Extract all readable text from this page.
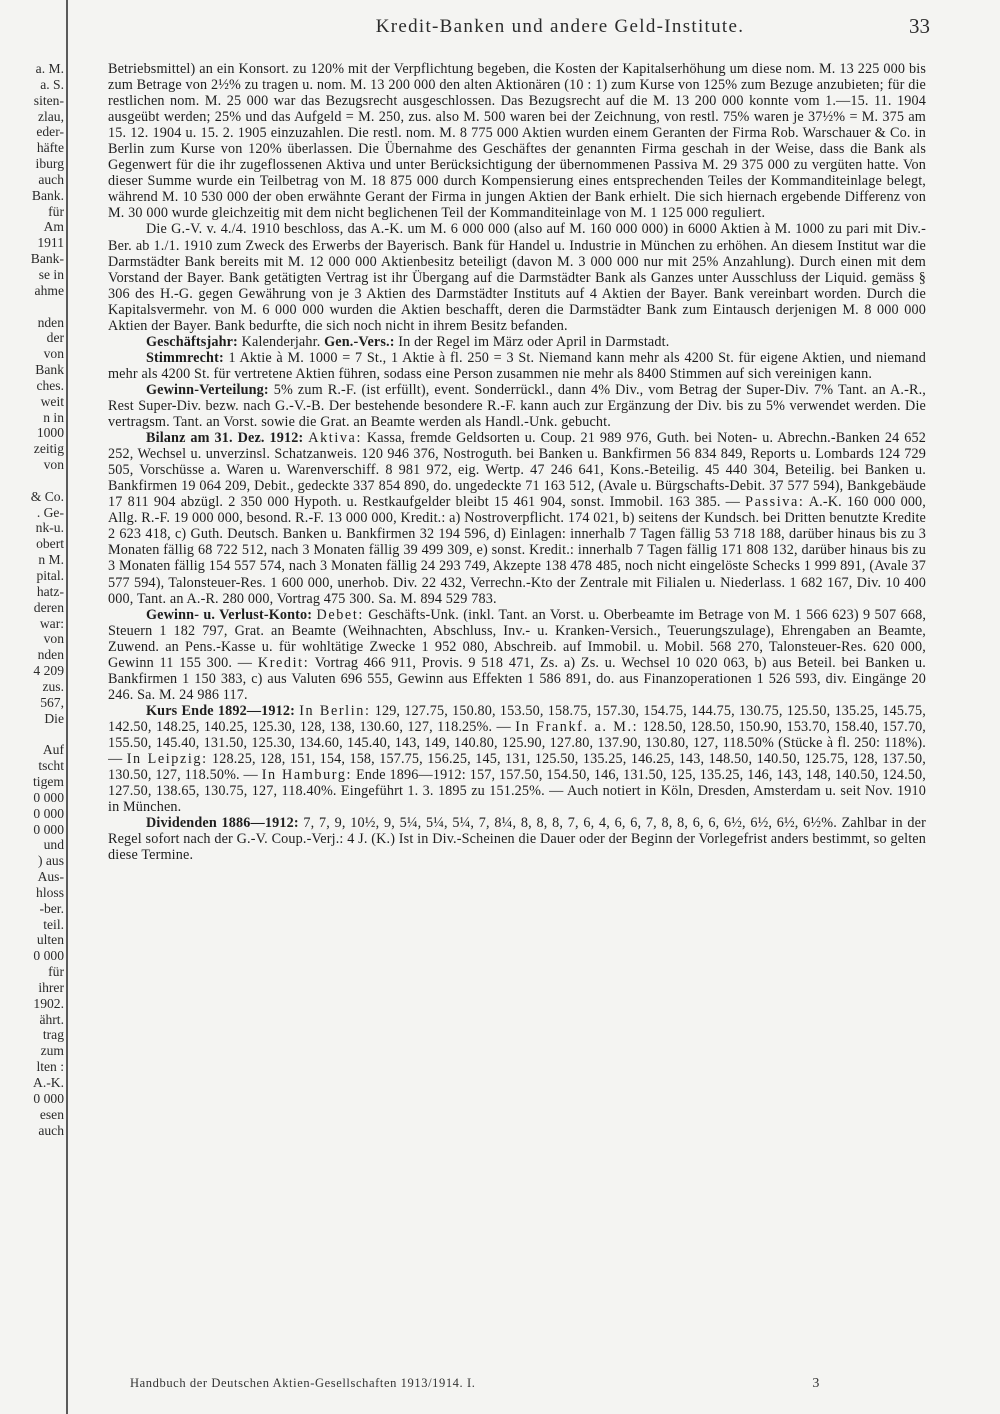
a. M.
a. S.
siten-
zlau,
eder-
häfte
iburg
auch
Bank.
für
Am
1911
Bank-
se in
ahme
nden
der
von
Bank
ches.
weit
n in
1000
zeitig
von
& Co.
. Ge-
nk-u.
obert
n M.
pital.
hatz-
deren
war:
von
nden
4 209
zus.
567,
Die
Auf
tscht
tigem
0 000
0 000
0 000
und
) aus
Aus-
hloss
-ber.
teil.
ulten
0 000
für
ihrer
1902.
ährt.
trag
zum
lten :
A.-K.
0 000
esen
auch
Kredit-Banken und andere Geld-Institute.	33

Betriebsmittel) an ein Konsort. zu 120% mit der Verpflichtung begeben, die Kosten der Kapitalserhöhung um diese nom. M. 13 225 000 bis zum Betrage von 2½% zu tragen u. nom. M. 13 200 000 den alten Aktionären (10 : 1) zum Kurse von 125% zum Bezuge anzubieten; für die restlichen nom. M. 25 000 war das Bezugsrecht ausgeschlossen. Das Bezugsrecht auf die M. 13 200 000 konnte vom 1.—15. 11. 1904 ausgeübt werden; 25% und das Aufgeld = M. 250, zus. also M. 500 waren bei der Zeichnung, von restl. 75% waren je 37½% = M. 375 am 15. 12. 1904 u. 15. 2. 1905 einzuzahlen. Die restl. nom. M. 8 775 000 Aktien wurden einem Geranten der Firma Rob. Warschauer & Co. in Berlin zum Kurse von 120% überlassen. Die Übernahme des Geschäftes der genannten Firma geschah in der Weise, dass die Bank als Gegenwert für die ihr zugeflossenen Aktiva und unter Berücksichtigung der übernommenen Passiva M. 29 375 000 zu vergüten hatte. Von dieser Summe wurde ein Teilbetrag von M. 18 875 000 durch Kompensierung eines entsprechenden Teiles der Kommanditeinlage belegt, während M. 10 530 000 der oben erwähnte Gerant der Firma in jungen Aktien der Bank erhielt. Die sich hiernach ergebende Differenz von M. 30 000 wurde gleichzeitig mit dem nicht beglichenen Teil der Kommanditeinlage von M. 1 125 000 reguliert.

Die G.-V. v. 4./4. 1910 beschloss, das A.-K. um M. 6 000 000 (also auf M. 160 000 000) in 6000 Aktien à M. 1000 zu pari mit Div.-Ber. ab 1./1. 1910 zum Zweck des Erwerbs der Bayerisch. Bank für Handel u. Industrie in München zu erhöhen. An diesem Institut war die Darmstädter Bank bereits mit M. 12 000 000 Aktienbesitz beteiligt (davon M. 3 000 000 nur mit 25% Anzahlung). Durch einen mit dem Vorstand der Bayer. Bank getätigten Vertrag ist ihr Übergang auf die Darmstädter Bank als Ganzes unter Ausschluss der Liquid. gemäss § 306 des H.-G. gegen Gewährung von je 3 Aktien des Darmstädter Instituts auf 4 Aktien der Bayer. Bank vereinbart worden. Durch die Kapitalsvermehr. von M. 6 000 000 wurden die Aktien beschafft, deren die Darmstädter Bank zum Eintausch derjenigen M. 8 000 000 Aktien der Bayer. Bank bedurfte, die sich noch nicht in ihrem Besitz befanden.

Geschäftsjahr: Kalenderjahr. Gen.-Vers.: In der Regel im März oder April in Darmstadt.

Stimmrecht: 1 Aktie à M. 1000 = 7 St., 1 Aktie à fl. 250 = 3 St. Niemand kann mehr als 4200 St. für eigene Aktien, und niemand mehr als 4200 St. für vertretene Aktien führen, sodass eine Person zusammen nie mehr als 8400 Stimmen auf sich vereinigen kann.

Gewinn-Verteilung: 5% zum R.-F. (ist erfüllt), event. Sonderrückl., dann 4% Div., vom Betrag der Super-Div. 7% Tant. an A.-R., Rest Super-Div. bezw. nach G.-V.-B. Der bestehende besondere R.-F. kann auch zur Ergänzung der Div. bis zu 5% verwendet werden. Die vertragsm. Tant. an Vorst. sowie die Grat. an Beamte werden als Handl.-Unk. gebucht.

Bilanz am 31. Dez. 1912: Aktiva: Kassa, fremde Geldsorten u. Coup. 21 989 976, Guth. bei Noten- u. Abrechn.-Banken 24 652 252, Wechsel u. unverzinsl. Schatzanweis. 120 946 376, Nostroguth. bei Banken u. Bankfirmen 56 834 849, Reports u. Lombards 124 729 505, Vorschüsse a. Waren u. Warenverschiff. 8 981 972, eig. Wertp. 47 246 641, Kons.-Beteilig. 45 440 304, Beteilig. bei Banken u. Bankfirmen 19 064 209, Debit., gedeckte 337 854 890, do. ungedeckte 71 163 512, (Avale u. Bürgschafts-Debit. 37 577 594), Bankgebäude 17 811 904 abzügl. 2 350 000 Hypoth. u. Restkaufgelder bleibt 15 461 904, sonst. Immobil. 163 385. — Passiva: A.-K. 160 000 000, Allg. R.-F. 19 000 000, besond. R.-F. 13 000 000, Kredit.: a) Nostroverpflicht. 174 021, b) seitens der Kundsch. bei Dritten benutzte Kredite 2 623 418, c) Guth. Deutsch. Banken u. Bankfirmen 32 194 596, d) Einlagen: innerhalb 7 Tagen fällig 53 718 188, darüber hinaus bis zu 3 Monaten fällig 68 722 512, nach 3 Monaten fällig 39 499 309, e) sonst. Kredit.: innerhalb 7 Tagen fällig 171 808 132, darüber hinaus bis zu 3 Monaten fällig 154 557 574, nach 3 Monaten fällig 24 293 749, Akzepte 138 478 485, noch nicht eingelöste Schecks 1 999 891, (Avale 37 577 594), Talonsteuer-Res. 1 600 000, unerhob. Div. 22 432, Verrechn.-Kto der Zentrale mit Filialen u. Niederlass. 1 682 167, Div. 10 400 000, Tant. an A.-R. 280 000, Vortrag 475 300. Sa. M. 894 529 783.

Gewinn- u. Verlust-Konto: Debet: Geschäfts-Unk. (inkl. Tant. an Vorst. u. Oberbeamte im Betrage von M. 1 566 623) 9 507 668, Steuern 1 182 797, Grat. an Beamte (Weihnachten, Abschluss, Inv.- u. Kranken-Versich., Teuerungszulage), Ehrengaben an Beamte, Zuwend. an Pens.-Kasse u. für wohltätige Zwecke 1 952 080, Abschreib. auf Immobil. u. Mobil. 568 270, Talonsteuer-Res. 620 000, Gewinn 11 155 300. — Kredit: Vortrag 466 911, Provis. 9 518 471, Zs. a) Zs. u. Wechsel 10 020 063, b) aus Beteil. bei Banken u. Bankfirmen 1 150 383, c) aus Valuten 696 555, Gewinn aus Effekten 1 586 891, do. aus Finanzoperationen 1 526 593, div. Eingänge 20 246. Sa. M. 24 986 117.

Kurs Ende 1892—1912: In Berlin: 129, 127.75, 150.80, 153.50, 158.75, 157.30, 154.75, 144.75, 130.75, 125.50, 135.25, 145.75, 142.50, 148.25, 140.25, 125.30, 128, 138, 130.60, 127, 118.25%. — In Frankf. a. M.: 128.50, 128.50, 150.90, 153.70, 158.40, 157.70, 155.50, 145.40, 131.50, 125.30, 134.60, 145.40, 143, 149, 140.80, 125.90, 127.80, 137.90, 130.80, 127, 118.50% (Stücke à fl. 250: 118%). — In Leipzig: 128.25, 128, 151, 154, 158, 157.75, 156.25, 145, 131, 125.50, 135.25, 146.25, 143, 148.50, 140.50, 125.75, 128, 137.50, 130.50, 127, 118.50%. — In Hamburg: Ende 1896—1912: 157, 157.50, 154.50, 146, 131.50, 125, 135.25, 146, 143, 148, 140.50, 124.50, 127.50, 138.65, 130.75, 127, 118.40%. Eingeführt 1. 3. 1895 zu 151.25%. — Auch notiert in Köln, Dresden, Amsterdam u. seit Nov. 1910 in München.

Dividenden 1886—1912: 7, 7, 9, 10½, 9, 5¼, 5¼, 5¼, 7, 8¼, 8, 8, 8, 7, 6, 4, 6, 6, 7, 8, 8, 6, 6, 6½, 6½, 6½, 6½%. Zahlbar in der Regel sofort nach der G.-V. Coup.-Verj.: 4 J. (K.) Ist in Div.-Scheinen die Dauer oder der Beginn der Vorlegefrist anders bestimmt, so gelten diese Termine.

Handbuch der Deutschen Aktien-Gesellschaften 1913/1914. I.	3
